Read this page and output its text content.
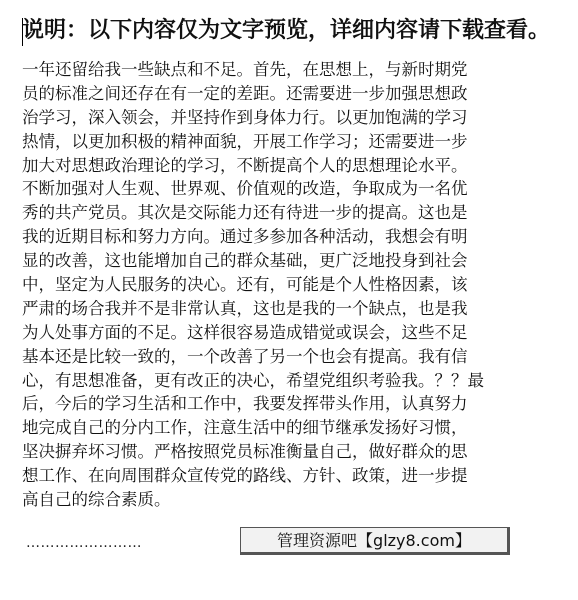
说明：以下内容仅为文字预览，详细内容请下载查看。
一年还留给我一些缺点和不足。首先，在思想上，与新时期党
员的标准之间还存在有一定的差距。还需要进一步加强思想政
治学习，深入领会，并坚持作到身体力行。以更加饱满的学习
热情，以更加积极的精神面貌，开展工作学习；还需要进一步
加大对思想政治理论的学习，不断提高个人的思想理论水平。
不断加强对人生观、世界观、价值观的改造，争取成为一名优
秀的共产党员。其次是交际能力还有待进一步的提高。这也是
我的近期目标和努力方向。通过多参加各种活动，我想会有明
显的改善，这也能增加自己的群众基础，更广泛地投身到社会
中，坚定为人民服务的决心。还有，可能是个人性格因素，该
严肃的场合我并不是非常认真，这也是我的一个缺点，也是我
为人处事方面的不足。这样很容易造成错觉或误会，这些不足
基本还是比较一致的，一个改善了另一个也会有提高。我有信
心，有思想准备，更有改正的决心，希望党组织考验我。？？最
后，今后的学习生活和工作中，我要发挥带头作用，认真努力
地完成自己的分内工作，注意生活中的细节继承发扬好习惯，
坚决摒弃坏习惯。严格按照党员标准衡量自己，做好群众的思
想工作、在向周围群众宣传党的路线、方针、政策，进一步提
高自己的综合素质。
……………………	管理资源吧【glzy8.com】
